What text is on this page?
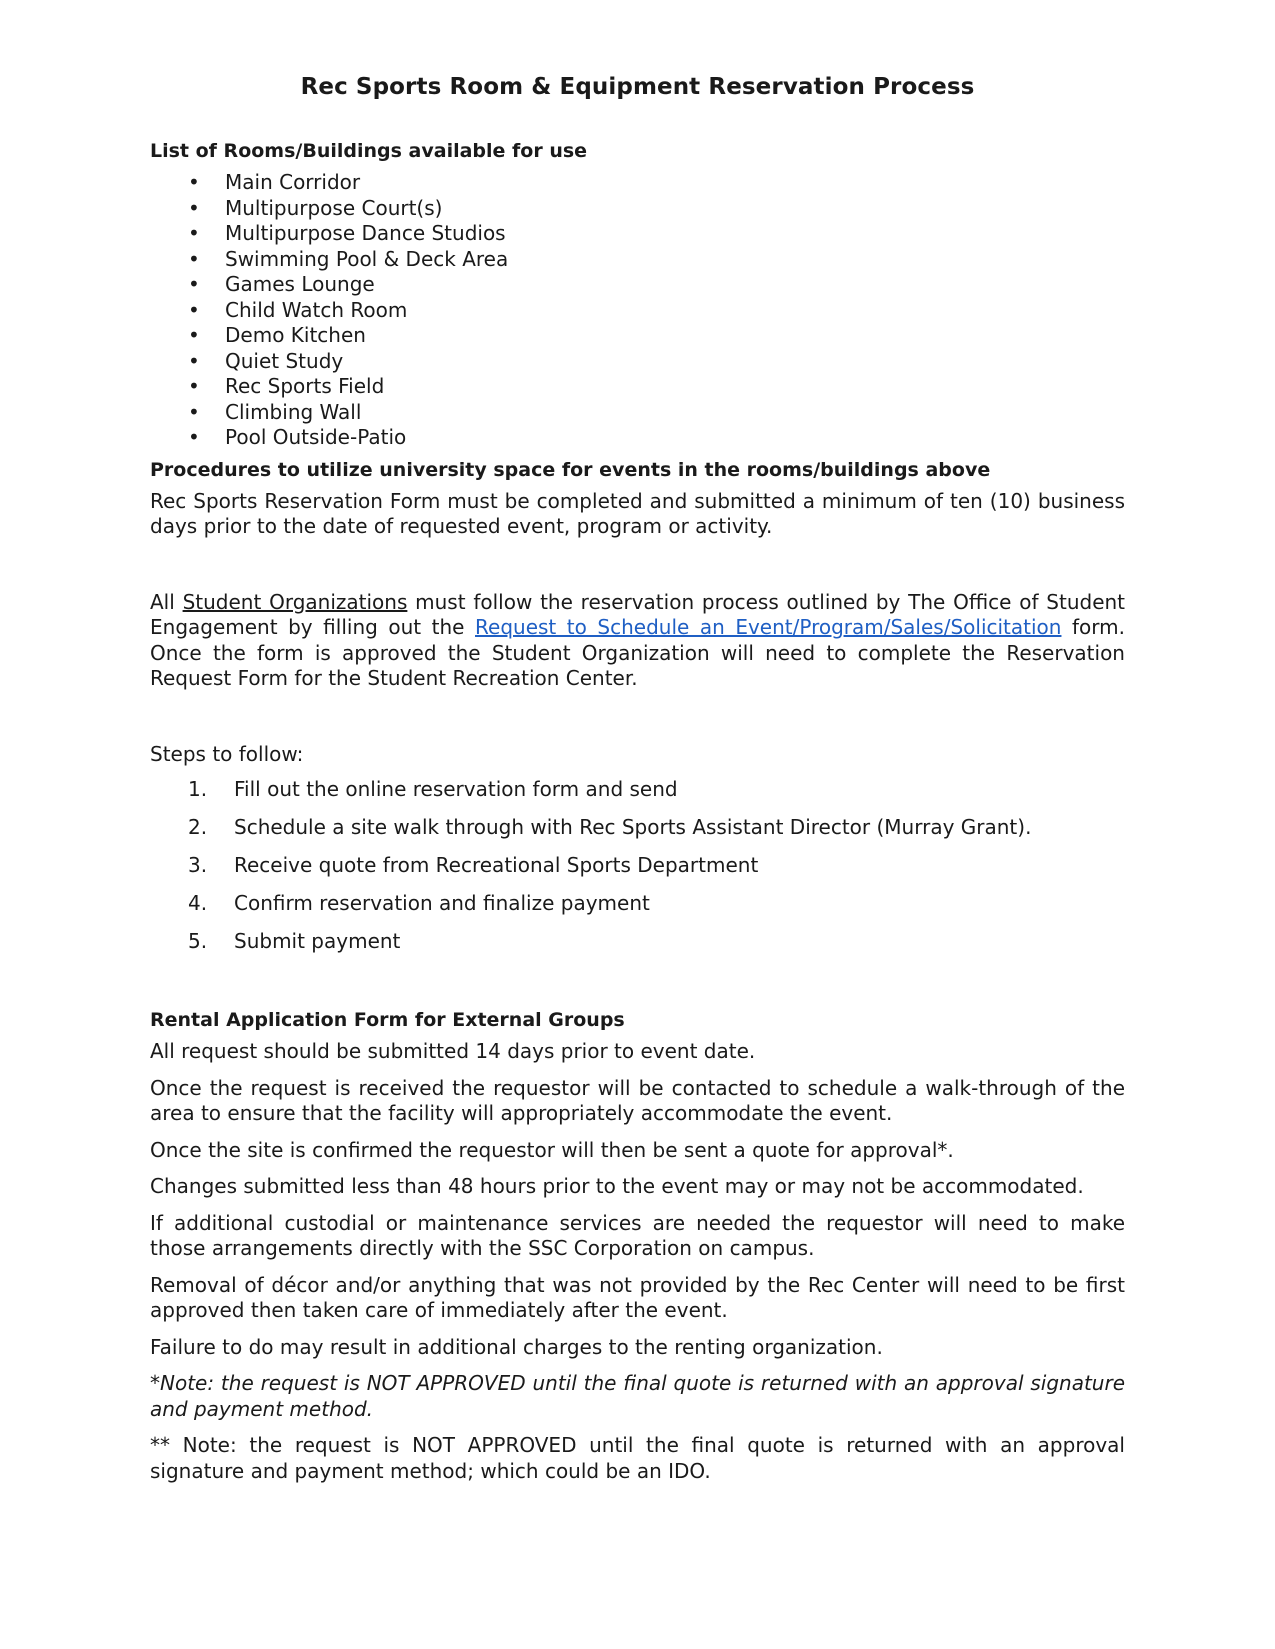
Rec Sports Room & Equipment Reservation Process
List of Rooms/Buildings available for use
• Main Corridor
• Multipurpose Court(s)
• Multipurpose Dance Studios
• Swimming Pool & Deck Area
• Games Lounge
• Child Watch Room
• Demo Kitchen
• Quiet Study
• Rec Sports Field
• Climbing Wall
• Pool Outside-Patio
Procedures to utilize university space for events in the rooms/buildings above

Rec Sports Reservation Form must be completed and submitted a minimum of ten (10) business days prior to the date of requested event, program or activity.

All Student Organizations must follow the reservation process outlined by The Office of Student Engagement by filling out the Request to Schedule an Event/Program/Sales/Solicitation form. Once the form is approved the Student Organization will need to complete the Reservation Request Form for the Student Recreation Center.

Steps to follow:

1. Fill out the online reservation form and send
2. Schedule a site walk through with Rec Sports Assistant Director (Murray Grant).
3. Receive quote from Recreational Sports Department
4. Confirm reservation and finalize payment
5. Submit payment
Rental Application Form for External Groups

All request should be submitted 14 days prior to event date.

Once the request is received the requestor will be contacted to schedule a walk-through of the area to ensure that the facility will appropriately accommodate the event.

Once the site is confirmed the requestor will then be sent a quote for approval*.

Changes submitted less than 48 hours prior to the event may or may not be accommodated.

If additional custodial or maintenance services are needed the requestor will need to make those arrangements directly with the SSC Corporation on campus.

Removal of décor and/or anything that was not provided by the Rec Center will need to be first approved then taken care of immediately after the event.

Failure to do may result in additional charges to the renting organization.

*Note: the request is NOT APPROVED until the final quote is returned with an approval signature and payment method.

** Note: the request is NOT APPROVED until the final quote is returned with an approval signature and payment method; which could be an IDO.
